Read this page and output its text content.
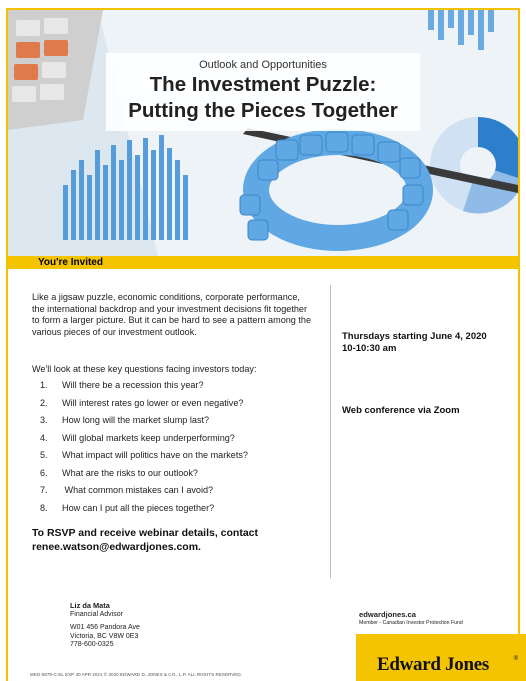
Outlook and Opportunities
The Investment Puzzle:
Putting the Pieces Together
You're Invited
Like a jigsaw puzzle, economic conditions, corporate performance, the international backdrop and your investment decisions fit together to form a larger picture. But it can be hard to see a pattern among the various pieces of our investment outlook.
We'll look at these key questions facing investors today:
1.	Will there be a recession this year?
2.	Will interest rates go lower or even negative?
3.	How long will the market slump last?
4.	Will global markets keep underperforming?
5.	What impact will politics have on the markets?
6.	What are the risks to our outlook?
7.	What common mistakes can I avoid?
8.	How can I put all the pieces together?
To RSVP and receive webinar details, contact
renee.watson@edwardjones.com.
Thursdays starting June 4, 2020
10-10:30 am
Web conference via Zoom
Liz da Mata
Financial Advisor
W01 456 Pandora Ave
Victoria, BC V8W 0E3
778-600-0325
edwardjones.ca
Member - Canadian Investor Protection Fund
Edward Jones	®
MKD-5879-C-EL EXP 30 APR 2021 © 2020 EDWARD D. JONES & CO., L.P. ALL RIGHTS RESERVED.
